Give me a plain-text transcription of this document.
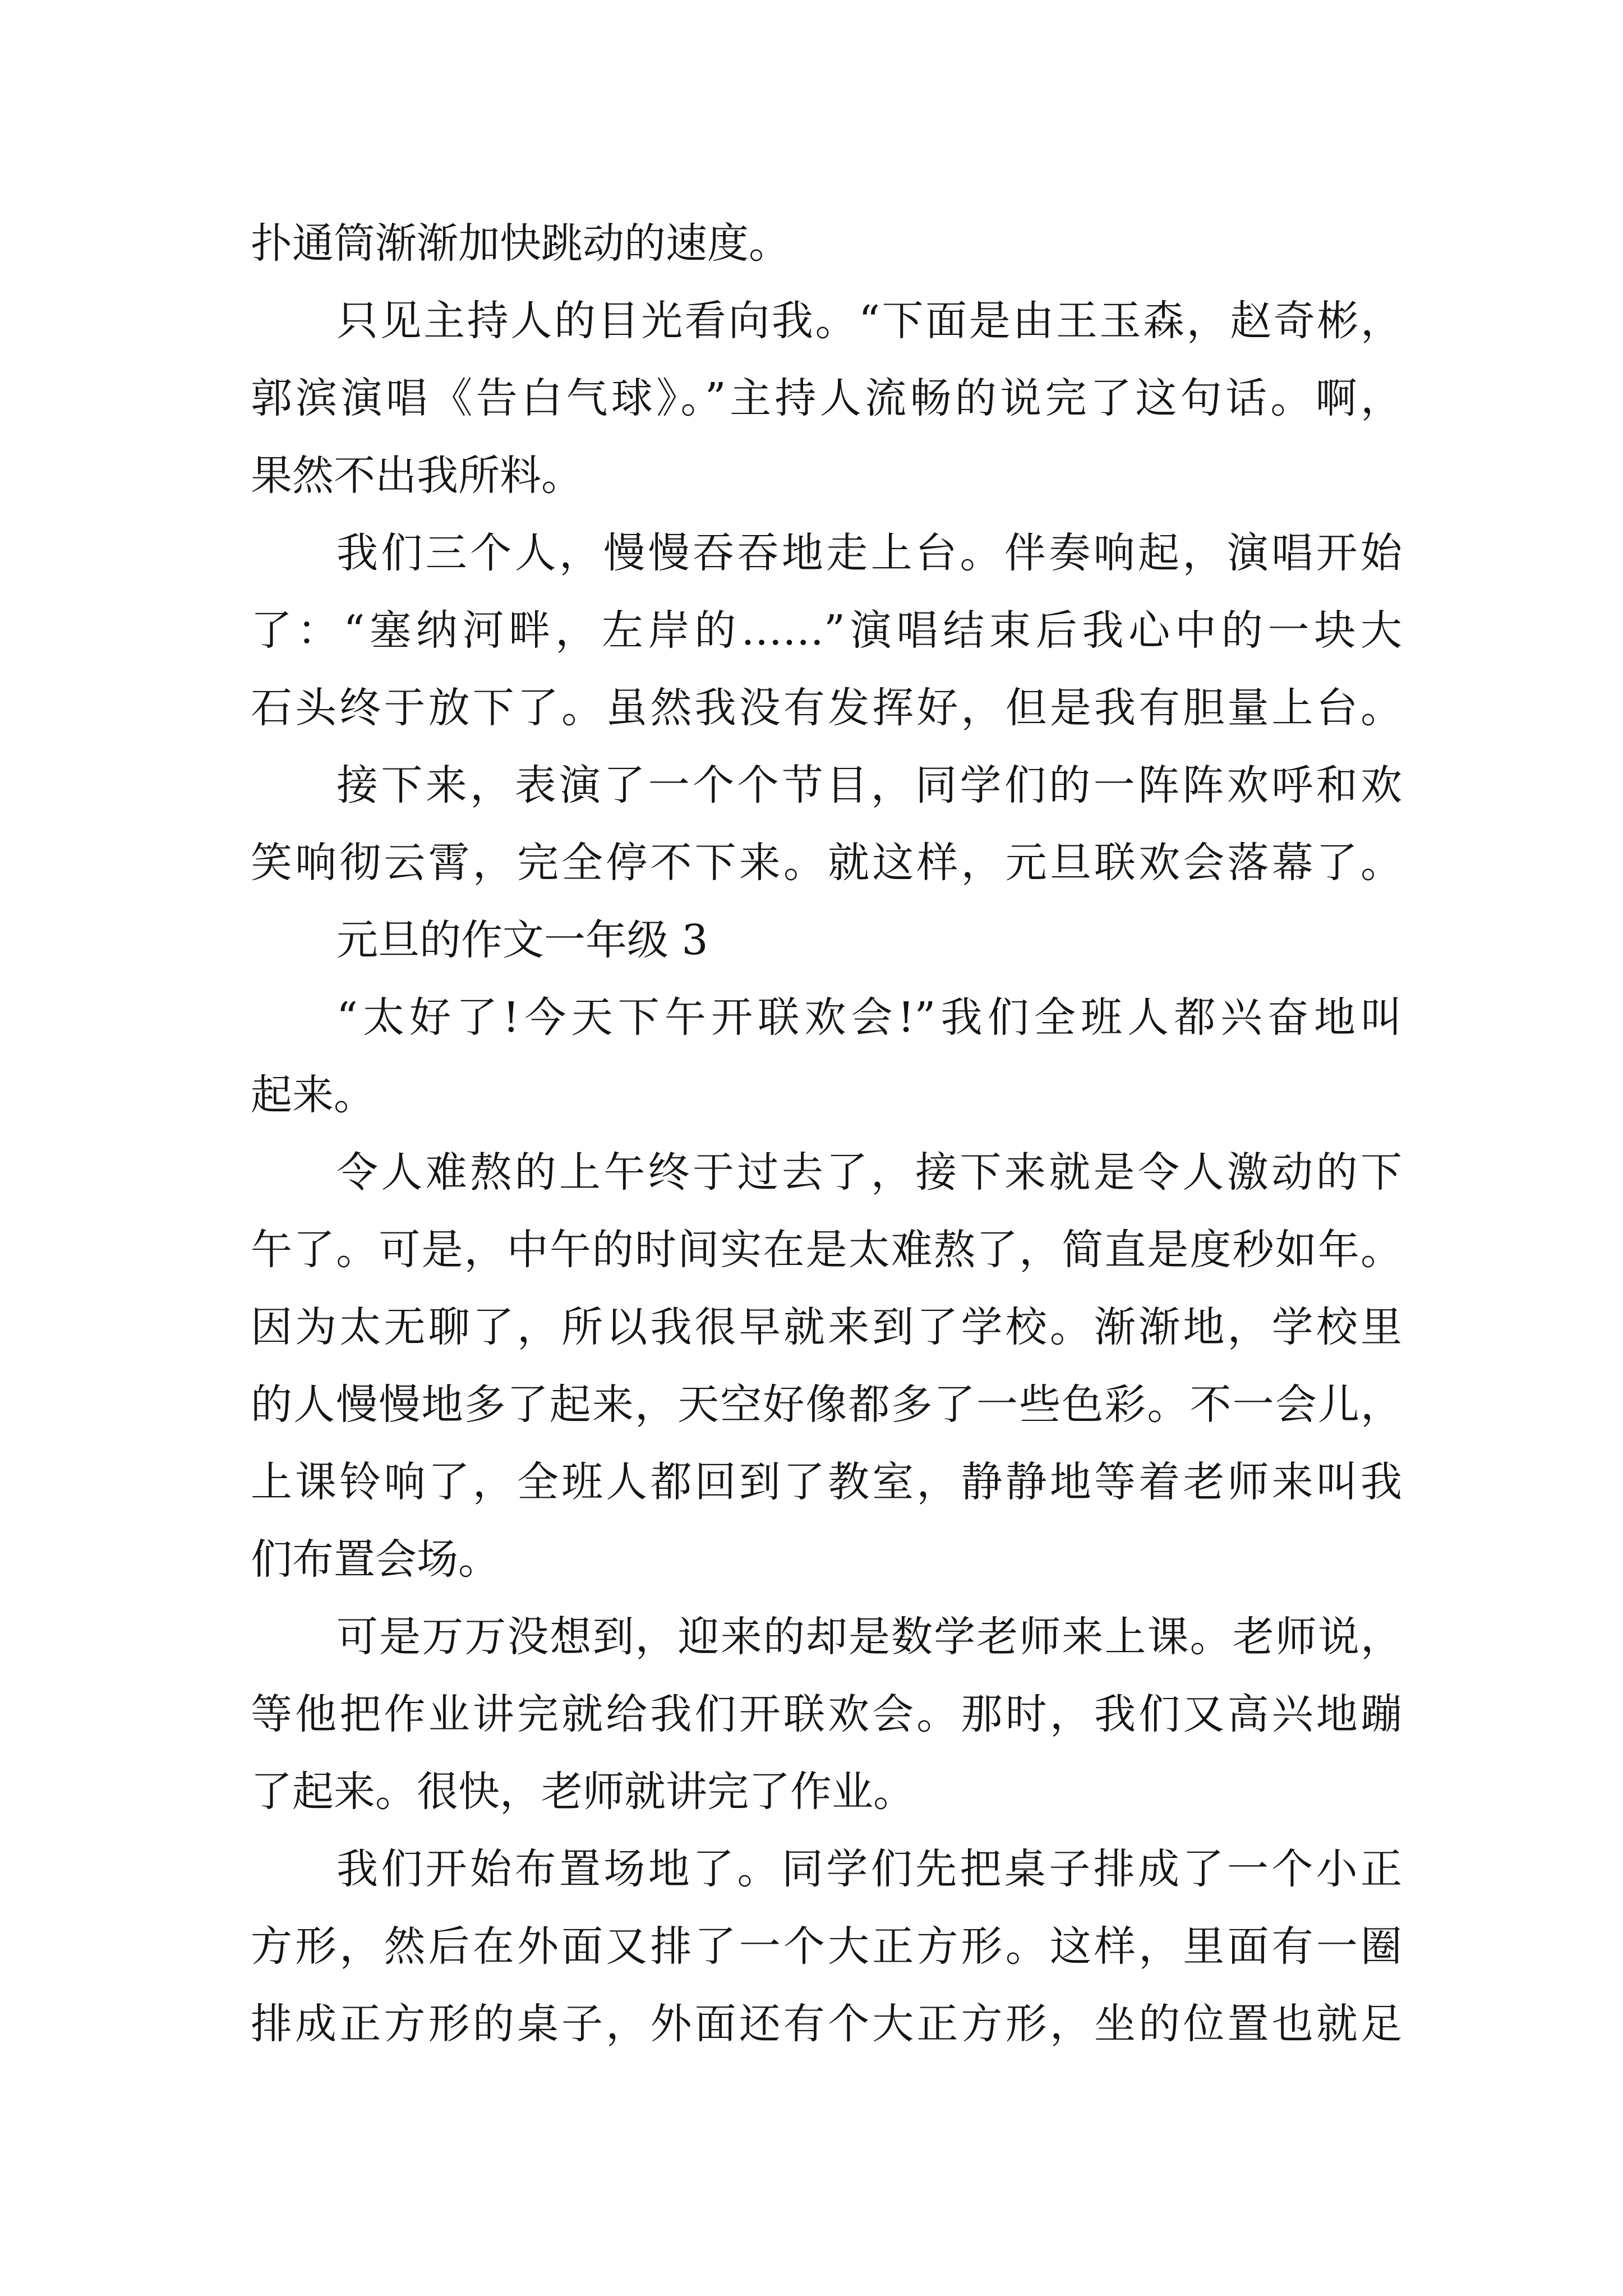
扑通筒渐渐加快跳动的速度。
只见主持人的目光看向我。“下面是由王玉森，赵奇彬，
郭滨演唱《告白气球》。”主持人流畅的说完了这句话。啊，
果然不出我所料。
我们三个人，慢慢吞吞地走上台。伴奏响起，演唱开始
了：“塞纳河畔，左岸的……”演唱结束后我心中的一块大
石头终于放下了。虽然我没有发挥好，但是我有胆量上台。
接下来，表演了一个个节目，同学们的一阵阵欢呼和欢
笑响彻云霄，完全停不下来。就这样，元旦联欢会落幕了。
元旦的作文一年级 3
“太好了!今天下午开联欢会!”我们全班人都兴奋地叫
起来。
令人难熬的上午终于过去了，接下来就是令人激动的下
午了。可是，中午的时间实在是太难熬了，简直是度秒如年。
因为太无聊了，所以我很早就来到了学校。渐渐地，学校里
的人慢慢地多了起来，天空好像都多了一些色彩。不一会儿，
上课铃响了，全班人都回到了教室，静静地等着老师来叫我
们布置会场。
可是万万没想到，迎来的却是数学老师来上课。老师说，
等他把作业讲完就给我们开联欢会。那时，我们又高兴地蹦
了起来。很快，老师就讲完了作业。
我们开始布置场地了。同学们先把桌子排成了一个小正
方形，然后在外面又排了一个大正方形。这样，里面有一圈
排成正方形的桌子，外面还有个大正方形，坐的位置也就足
